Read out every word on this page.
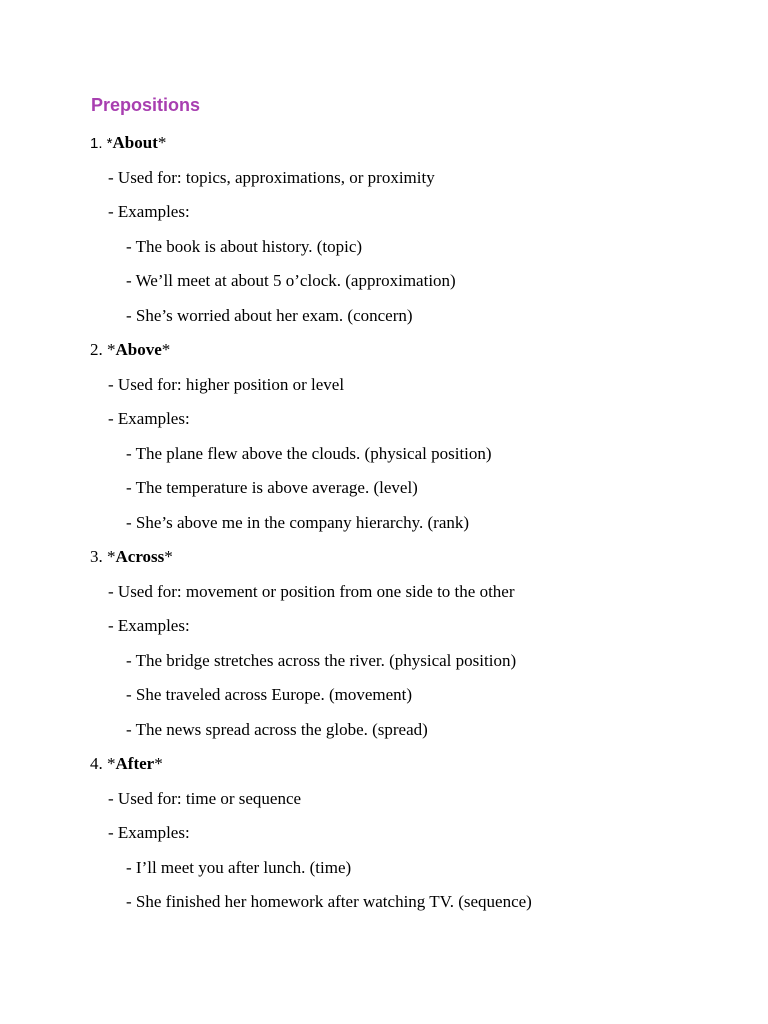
Prepositions
1. *About*
- Used for: topics, approximations, or proximity
- Examples:
- The book is about history. (topic)
- We’ll meet at about 5 o’clock. (approximation)
- She’s worried about her exam. (concern)
2. *Above*
- Used for: higher position or level
- Examples:
- The plane flew above the clouds. (physical position)
- The temperature is above average. (level)
- She’s above me in the company hierarchy. (rank)
3. *Across*
- Used for: movement or position from one side to the other
- Examples:
- The bridge stretches across the river. (physical position)
- She traveled across Europe. (movement)
- The news spread across the globe. (spread)
4. *After*
- Used for: time or sequence
- Examples:
- I’ll meet you after lunch. (time)
- She finished her homework after watching TV. (sequence)
